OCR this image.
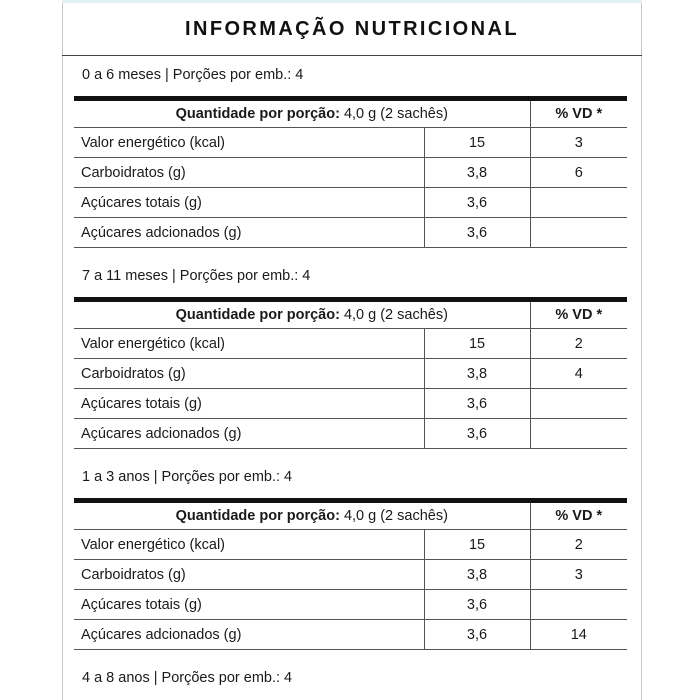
INFORMAÇÃO NUTRICIONAL
0 a 6 meses | Porções por emb.: 4
Quantidade por porção: 4,0 g (2 sachês)		% VD *
Valor energético (kcal)	15	3
Carboidratos (g)	3,8	6
Açúcares totais (g)	3,6	
Açúcares adcionados (g)	3,6	
7 a 11 meses | Porções por emb.: 4
Quantidade por porção: 4,0 g (2 sachês)		% VD *
Valor energético (kcal)	15	2
Carboidratos (g)	3,8	4
Açúcares totais (g)	3,6	
Açúcares adcionados (g)	3,6	
1 a 3 anos | Porções por emb.: 4
Quantidade por porção: 4,0 g (2 sachês)		% VD *
Valor energético (kcal)	15	2
Carboidratos (g)	3,8	3
Açúcares totais (g)	3,6	
Açúcares adcionados (g)	3,6	14
4 a 8 anos | Porções por emb.: 4
